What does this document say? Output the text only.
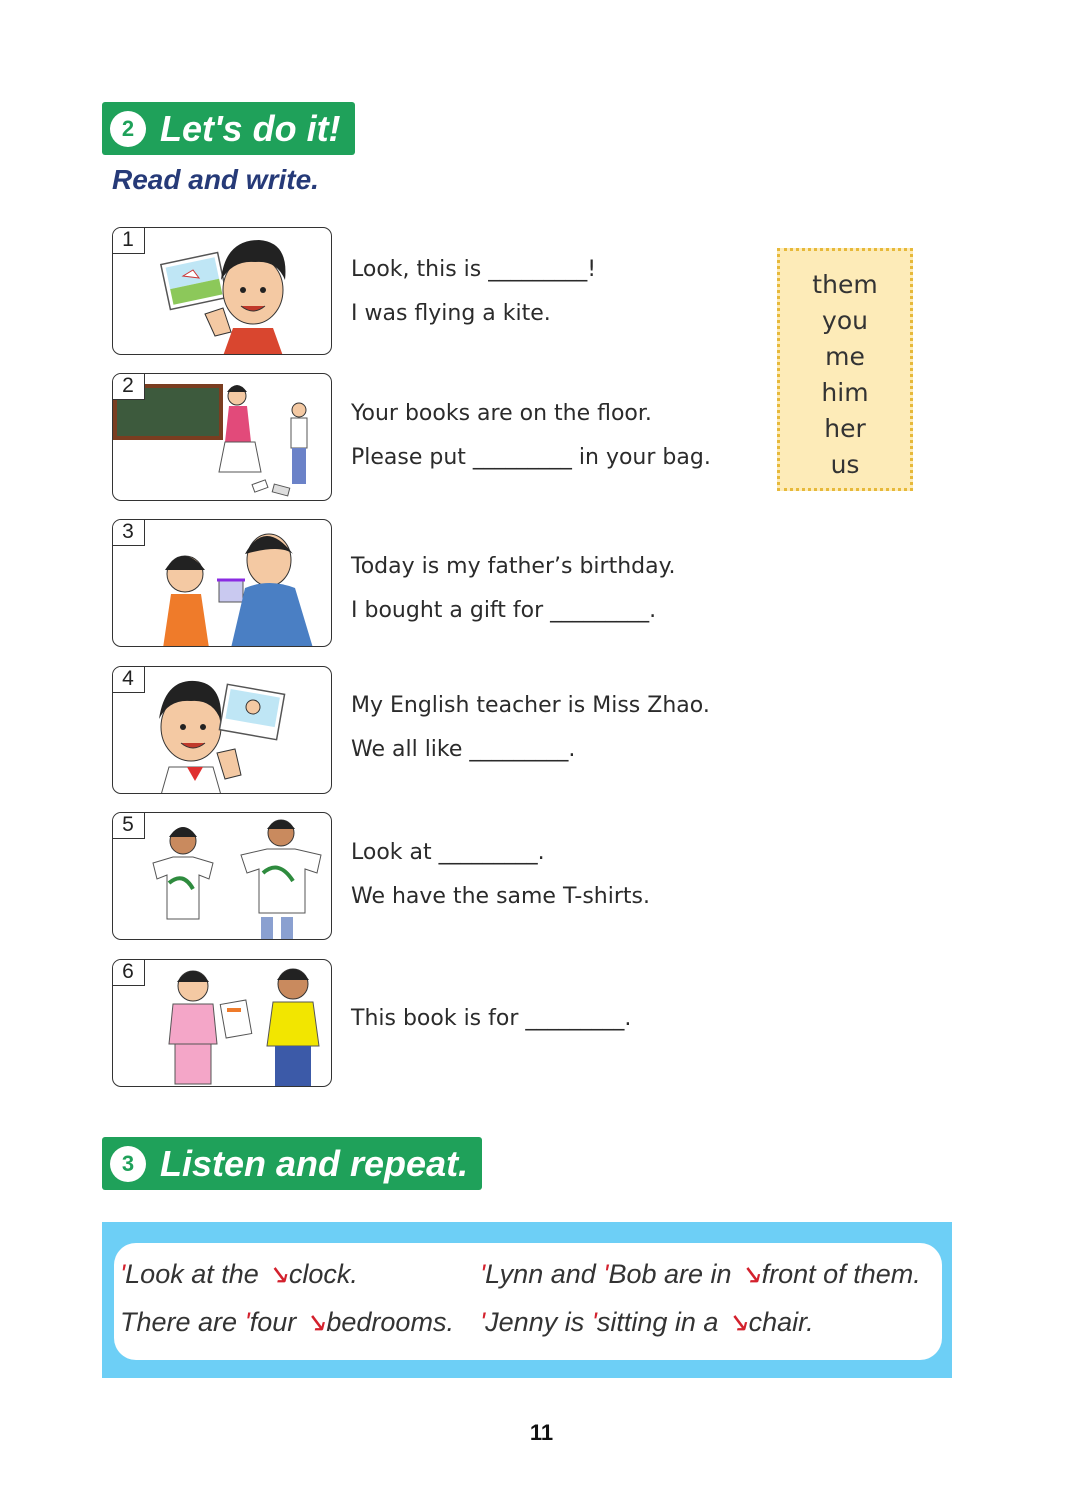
2 Let's do it!
Read and write.
1
Look, this is _________!
I was flying a kite.
2
Your books are on the floor.
Please put _________ in your bag.
3
Today is my father’s birthday.
I bought a gift for _________.
4
My English teacher is Miss Zhao.
We all like _________.
5
Look at _________.
We have the same T-shirts.
6
This book is for _________.
them
you
me
him
her
us
3 Listen and repeat.
'Look at the ↘clock.
There are 'four ↘bedrooms.
'Lynn and 'Bob are in ↘front of them.
'Jenny is 'sitting in a ↘chair.
11
